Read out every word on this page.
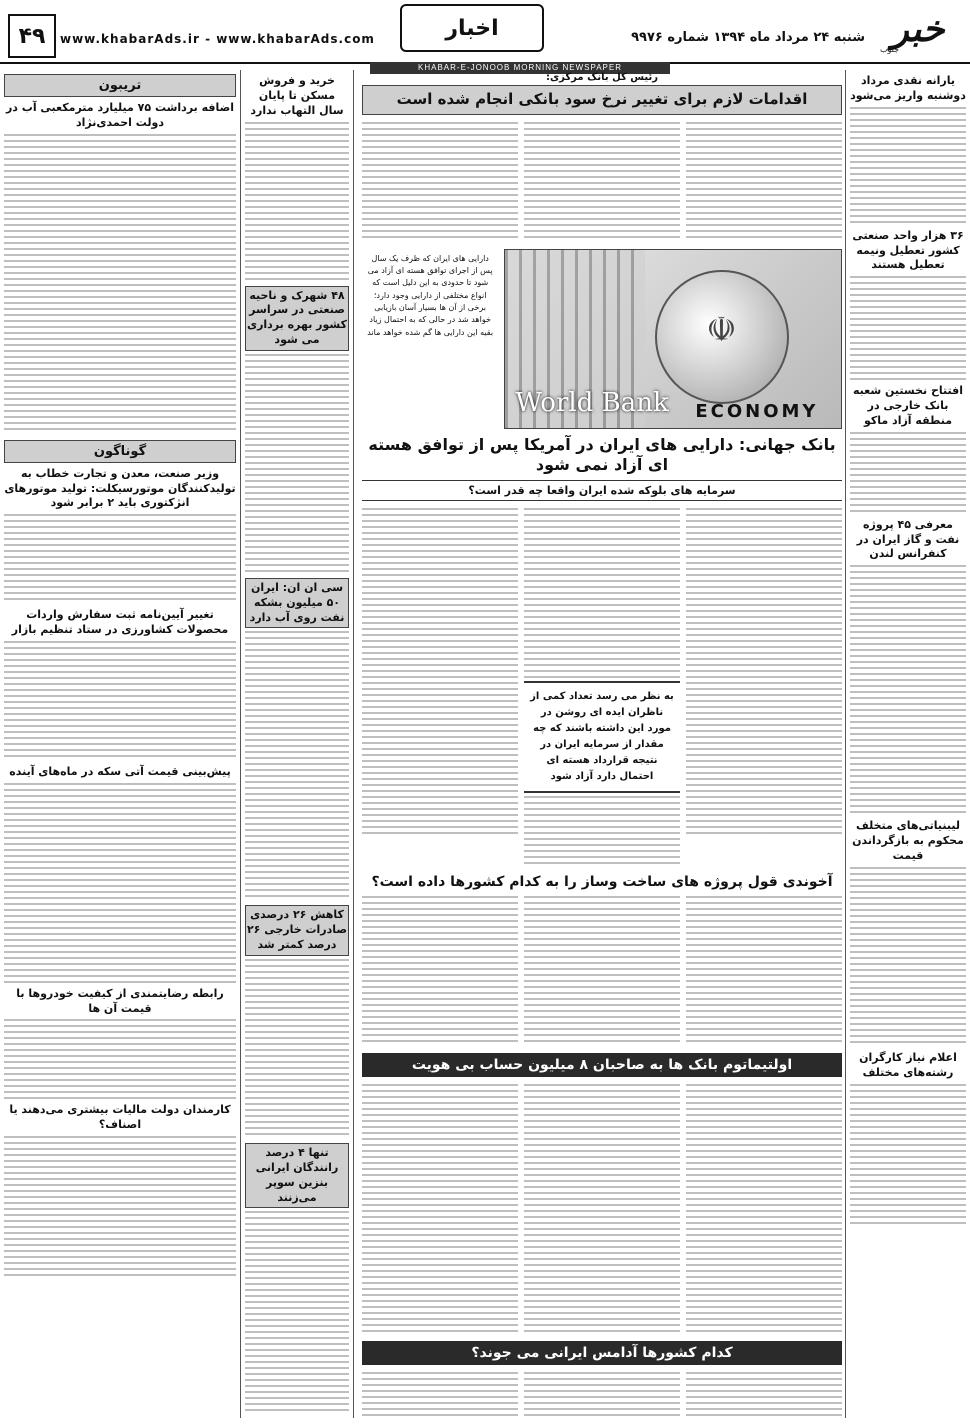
خبر
جنوب
شنبه ۲۴ مرداد ماه ۱۳۹۴ شماره ۹۹۷۶
اخبار
www.khabarAds.ir - www.khabarAds.com
۴۹
KHABAR-E-JONOOB MORNING NEWSPAPER
یارانه نقدی مرداد دوشنبه واریز می‌شود
۳۶ هزار واحد صنعتی کشور تعطیل ونیمه تعطیل هستند
افتتاح نخستین شعبه بانک خارجی در منطقه آزاد ماکو
معرفی ۴۵ پروژه نفت و گاز ایران در کنفرانس لندن
لیبنیاتی‌های متخلف محکوم به بازگرداندن قیمت
اعلام نیاز کارگران رشته‌های مختلف
رئیس کل بانک مرکزی:
اقدامات لازم برای تغییر نرخ سود بانکی انجام شده است
World Bank
☫
ECONOMY
دارایی های ایران که ظرف یک سال پس از اجرای توافق هسته ای آزاد می شود تا حدودی به این دلیل است که انواع مختلفی از دارایی وجود دارد؛ برخی از آن ها بسیار آسان بازیابی خواهد شد در حالی که به احتمال زیاد بقیه این دارایی ها گم شده خواهد ماند
بانک جهانی: دارایی های ایران در آمریکا پس از توافق هسته ای آزاد نمی شود
سرمایه های بلوکه شده ایران واقعا چه قدر است؟
به نظر می رسد تعداد کمی از ناظران ایده ای روشن در مورد این داشته باشند که چه مقدار از سرمایه ایران در نتیجه قرارداد هسته ای احتمال دارد آزاد شود
آخوندی قول پروژه های ساخت وساز را به کدام کشورها داده است؟
اولتیماتوم بانک ها به صاحبان ۸ میلیون حساب بی هویت
کدام کشورها آدامس ایرانی می جوند؟
خرید و فروش مسکن تا پایان سال التهاب ندارد
۴۸ شهرک و ناحیه صنعتی در سراسر کشور بهره برداری می شود
سی ان ان: ایران ۵۰ میلیون بشکه نفت روی آب دارد
کاهش ۲۶ درصدی صادرات خارجی ۲۶ درصد کمتر شد
تنها ۴ درصد رانندگان ایرانی بنزین سوپر می‌زنند
تریبون
اضافه برداشت ۷۵ میلیارد مترمکعبی آب در دولت احمدی‌نژاد
گوناگون
وزیر صنعت، معدن و تجارت خطاب به تولیدکنندگان موتورسیکلت: تولید موتورهای انژکتوری باید ۲ برابر شود
تغییر آیین‌نامه ثبت سفارش واردات محصولات کشاورزی در ستاد تنظیم بازار
پیش‌بینی قیمت آتی سکه در ماه‌های آینده
رابطه رضایتمندی از کیفیت خودروها با قیمت آن ها
کارمندان دولت مالیات بیشتری می‌دهند یا اصناف؟
